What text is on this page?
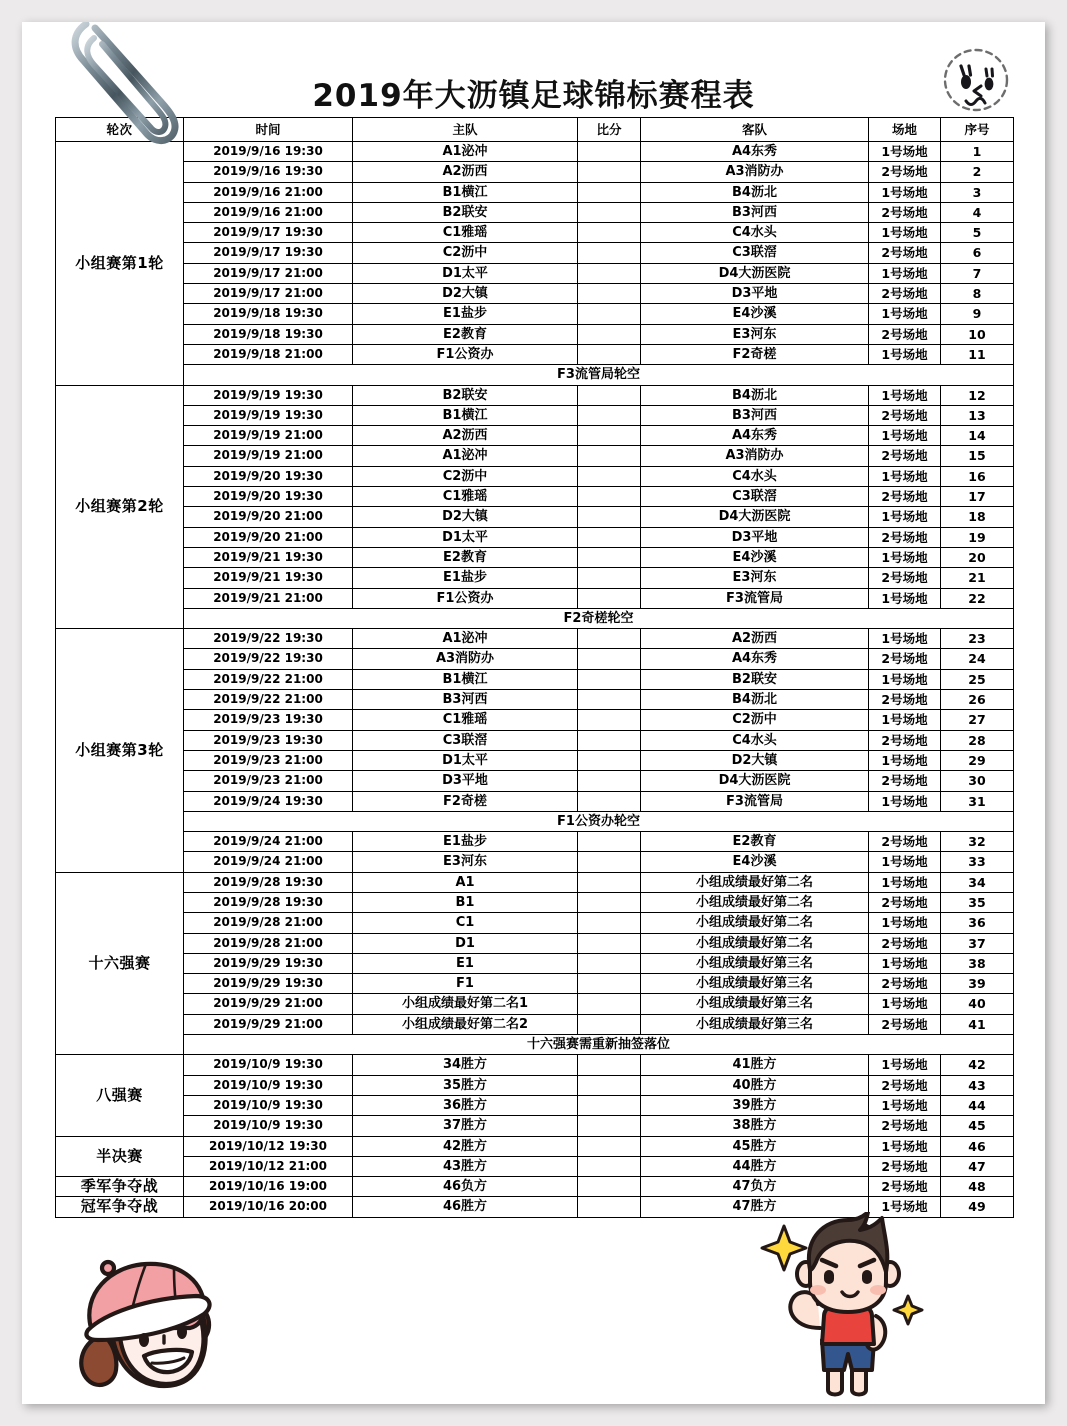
2019年大沥镇足球锦标赛程表
轮次	时间	主队	比分	客队	场地	序号
小组赛第1轮	2019/9/16 19:30	A1泌冲		A4东秀	1号场地	1
	2019/9/16 19:30	A2沥西		A3消防办	2号场地	2
	2019/9/16 21:00	B1横江		B4沥北	1号场地	3
	2019/9/16 21:00	B2联安		B3河西	2号场地	4
	2019/9/17 19:30	C1雅瑶		C4水头	1号场地	5
	2019/9/17 19:30	C2沥中		C3联滘	2号场地	6
	2019/9/17 21:00	D1太平		D4大沥医院	1号场地	7
	2019/9/17 21:00	D2大镇		D3平地	2号场地	8
	2019/9/18 19:30	E1盐步		E4沙溪	1号场地	9
	2019/9/18 19:30	E2教育		E3河东	2号场地	10
	2019/9/18 21:00	F1公资办		F2奇槎	1号场地	11
	F3流管局轮空					
小组赛第2轮	2019/9/19 19:30	B2联安		B4沥北	1号场地	12
	2019/9/19 19:30	B1横江		B3河西	2号场地	13
	2019/9/19 21:00	A2沥西		A4东秀	1号场地	14
	2019/9/19 21:00	A1泌冲		A3消防办	2号场地	15
	2019/9/20 19:30	C2沥中		C4水头	1号场地	16
	2019/9/20 19:30	C1雅瑶		C3联滘	2号场地	17
	2019/9/20 21:00	D2大镇		D4大沥医院	1号场地	18
	2019/9/20 21:00	D1太平		D3平地	2号场地	19
	2019/9/21 19:30	E2教育		E4沙溪	1号场地	20
	2019/9/21 19:30	E1盐步		E3河东	2号场地	21
	2019/9/21 21:00	F1公资办		F3流管局	1号场地	22
	F2奇槎轮空					
小组赛第3轮	2019/9/22 19:30	A1泌冲		A2沥西	1号场地	23
	2019/9/22 19:30	A3消防办		A4东秀	2号场地	24
	2019/9/22 21:00	B1横江		B2联安	1号场地	25
	2019/9/22 21:00	B3河西		B4沥北	2号场地	26
	2019/9/23 19:30	C1雅瑶		C2沥中	1号场地	27
	2019/9/23 19:30	C3联滘		C4水头	2号场地	28
	2019/9/23 21:00	D1太平		D2大镇	1号场地	29
	2019/9/23 21:00	D3平地		D4大沥医院	2号场地	30
	2019/9/24 19:30	F2奇槎		F3流管局	1号场地	31
	F1公资办轮空					
	2019/9/24 21:00	E1盐步		E2教育	2号场地	32
	2019/9/24 21:00	E3河东		E4沙溪	1号场地	33
十六强赛	2019/9/28 19:30	A1		小组成绩最好第二名	1号场地	34
	2019/9/28 19:30	B1		小组成绩最好第二名	2号场地	35
	2019/9/28 21:00	C1		小组成绩最好第二名	1号场地	36
	2019/9/28 21:00	D1		小组成绩最好第二名	2号场地	37
	2019/9/29 19:30	E1		小组成绩最好第三名	1号场地	38
	2019/9/29 19:30	F1		小组成绩最好第三名	2号场地	39
	2019/9/29 21:00	小组成绩最好第二名1		小组成绩最好第三名	1号场地	40
	2019/9/29 21:00	小组成绩最好第二名2		小组成绩最好第三名	2号场地	41
	十六强赛需重新抽签落位					
八强赛	2019/10/9 19:30	34胜方		41胜方	1号场地	42
	2019/10/9 19:30	35胜方		40胜方	2号场地	43
	2019/10/9 19:30	36胜方		39胜方	1号场地	44
	2019/10/9 19:30	37胜方		38胜方	2号场地	45
半决赛	2019/10/12 19:30	42胜方		45胜方	1号场地	46
	2019/10/12 21:00	43胜方		44胜方	2号场地	47
季军争夺战	2019/10/16 19:00	46负方		47负方	2号场地	48
冠军争夺战	2019/10/16 20:00	46胜方		47胜方	1号场地	49
